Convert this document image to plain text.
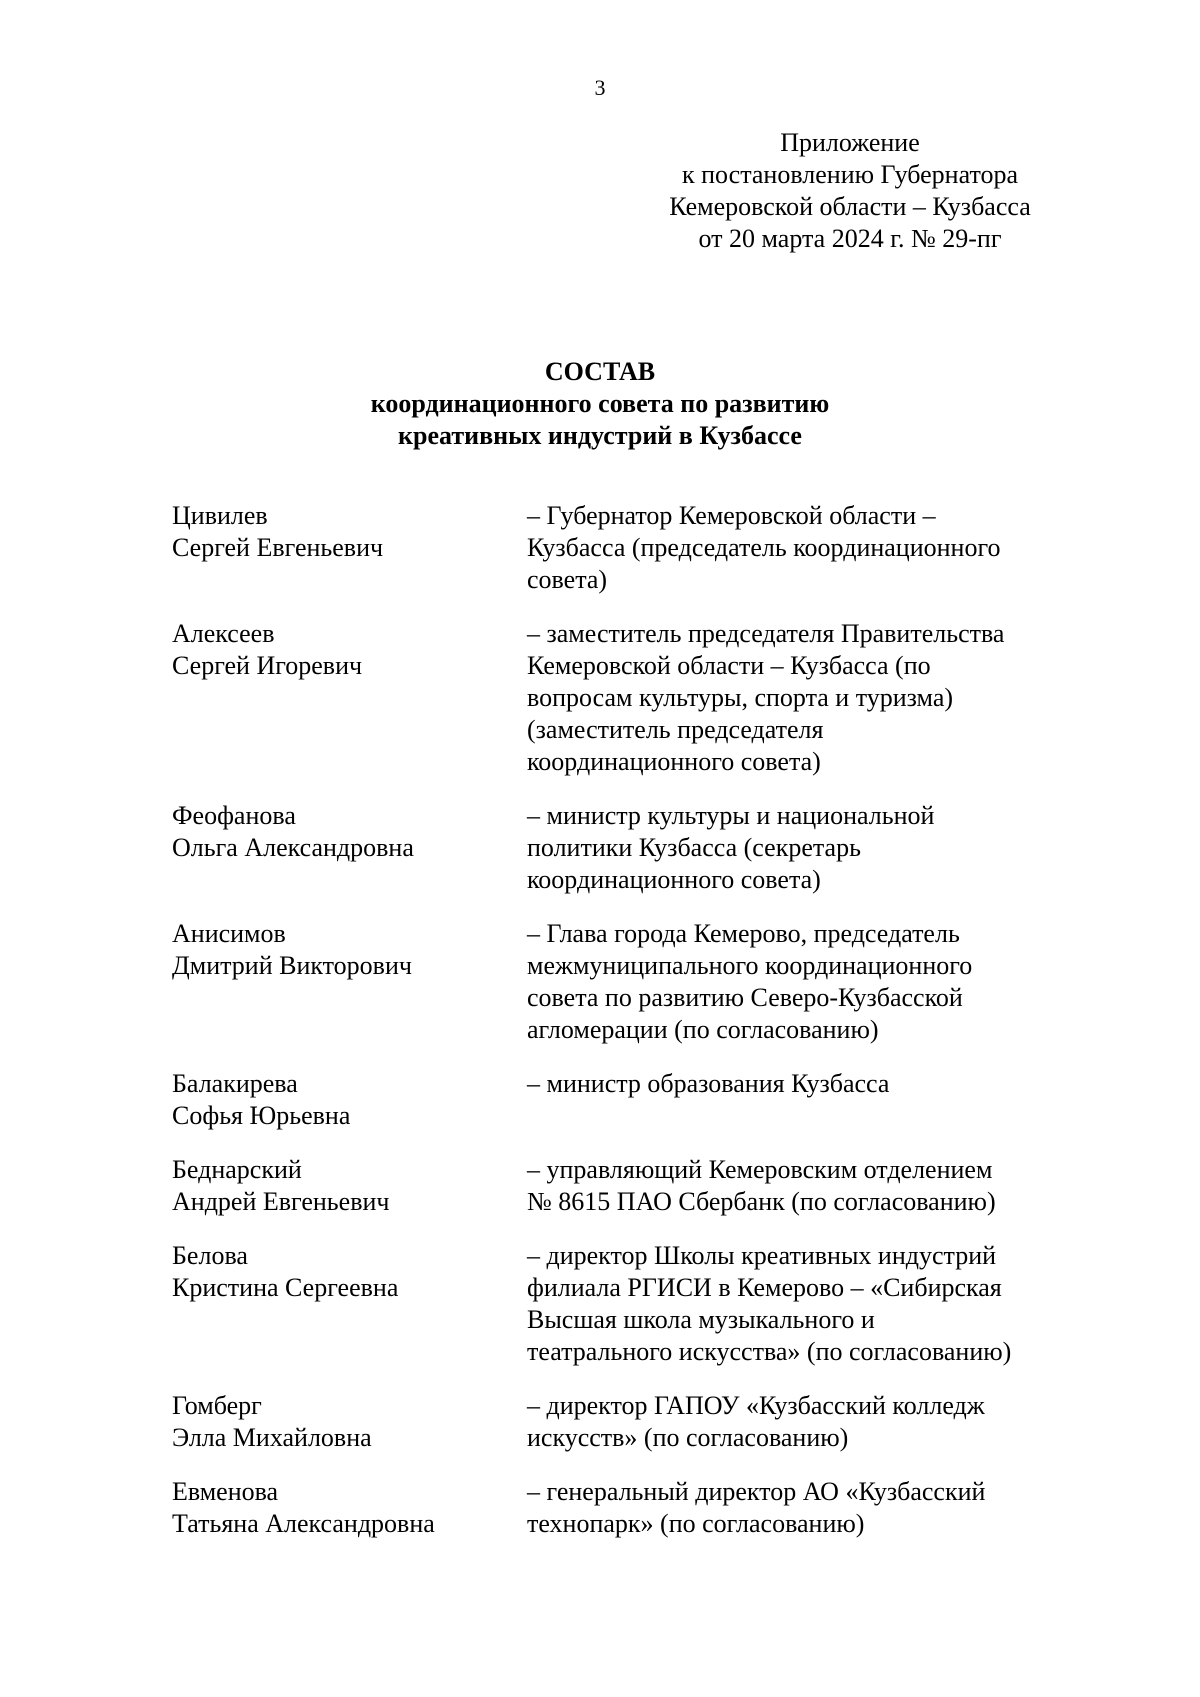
3
Приложение
к постановлению Губернатора
Кемеровской области – Кузбасса
от 20 марта 2024 г. № 29-пг
СОСТАВ
координационного совета по развитию
креативных индустрий в Кузбассе
Цивилев
Сергей Евгеньевич
– Губернатор Кемеровской области –
Кузбасса (председатель координационного
совета)
Алексеев
Сергей Игоревич
– заместитель председателя Правительства
Кемеровской области – Кузбасса (по
вопросам культуры, спорта и туризма)
(заместитель председателя
координационного совета)
Феофанова
Ольга Александровна
– министр культуры и национальной
политики Кузбасса (секретарь
координационного совета)
Анисимов
Дмитрий Викторович
– Глава города Кемерово, председатель
межмуниципального координационного
совета по развитию Северо-Кузбасской
агломерации (по согласованию)
Балакирева
Софья Юрьевна
– министр образования Кузбасса
Беднарский
Андрей Евгеньевич
– управляющий Кемеровским отделением
№ 8615 ПАО Сбербанк (по согласованию)
Белова
Кристина Сергеевна
– директор Школы креативных индустрий
филиала РГИСИ в Кемерово – «Сибирская
Высшая школа музыкального и
театрального искусства» (по согласованию)
Гомберг
Элла Михайловна
– директор ГАПОУ «Кузбасский колледж
искусств» (по согласованию)
Евменова
Татьяна Александровна
– генеральный директор АО «Кузбасский
технопарк» (по согласованию)
